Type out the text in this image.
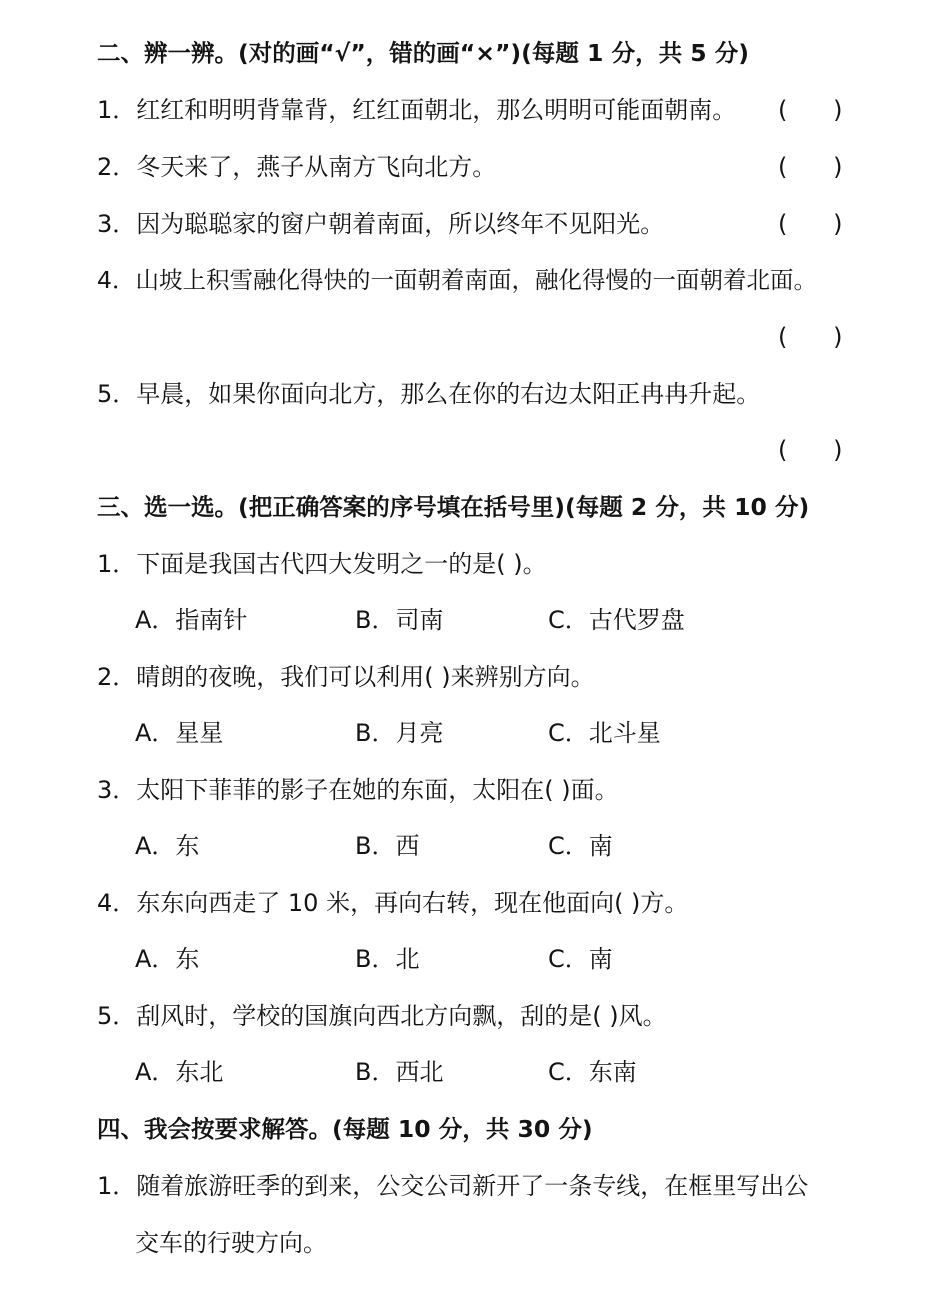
二、辨一辨。(对的画“√”，错的画“×”)(每题 1 分，共 5 分)
1．红红和明明背靠背，红红面朝北，那么明明可能面朝南。 (      )
2．冬天来了，燕子从南方飞向北方。	(      )
3．因为聪聪家的窗户朝着南面，所以终年不见阳光。	(      )
4．山坡上积雪融化得快的一面朝着南面，融化得慢的一面朝着北面。
(      )
5．早晨，如果你面向北方，那么在你的右边太阳正冉冉升起。
(      )
三、选一选。(把正确答案的序号填在括号里)(每题 2 分，共 10 分)
1．下面是我国古代四大发明之一的是( )。
A．指南针	B．司南	C．古代罗盘
2．晴朗的夜晚，我们可以利用( )来辨别方向。
A．星星	B．月亮	C．北斗星
3．太阳下菲菲的影子在她的东面，太阳在( )面。
A．东	B．西	C．南
4．东东向西走了 10 米，再向右转，现在他面向( )方。
A．东	B．北	C．南
5．刮风时，学校的国旗向西北方向飘，刮的是( )风。
A．东北	B．西北	C．东南
四、我会按要求解答。(每题 10 分，共 30 分)
1．随着旅游旺季的到来，公交公司新开了一条专线，在框里写出公
交车的行驶方向。
